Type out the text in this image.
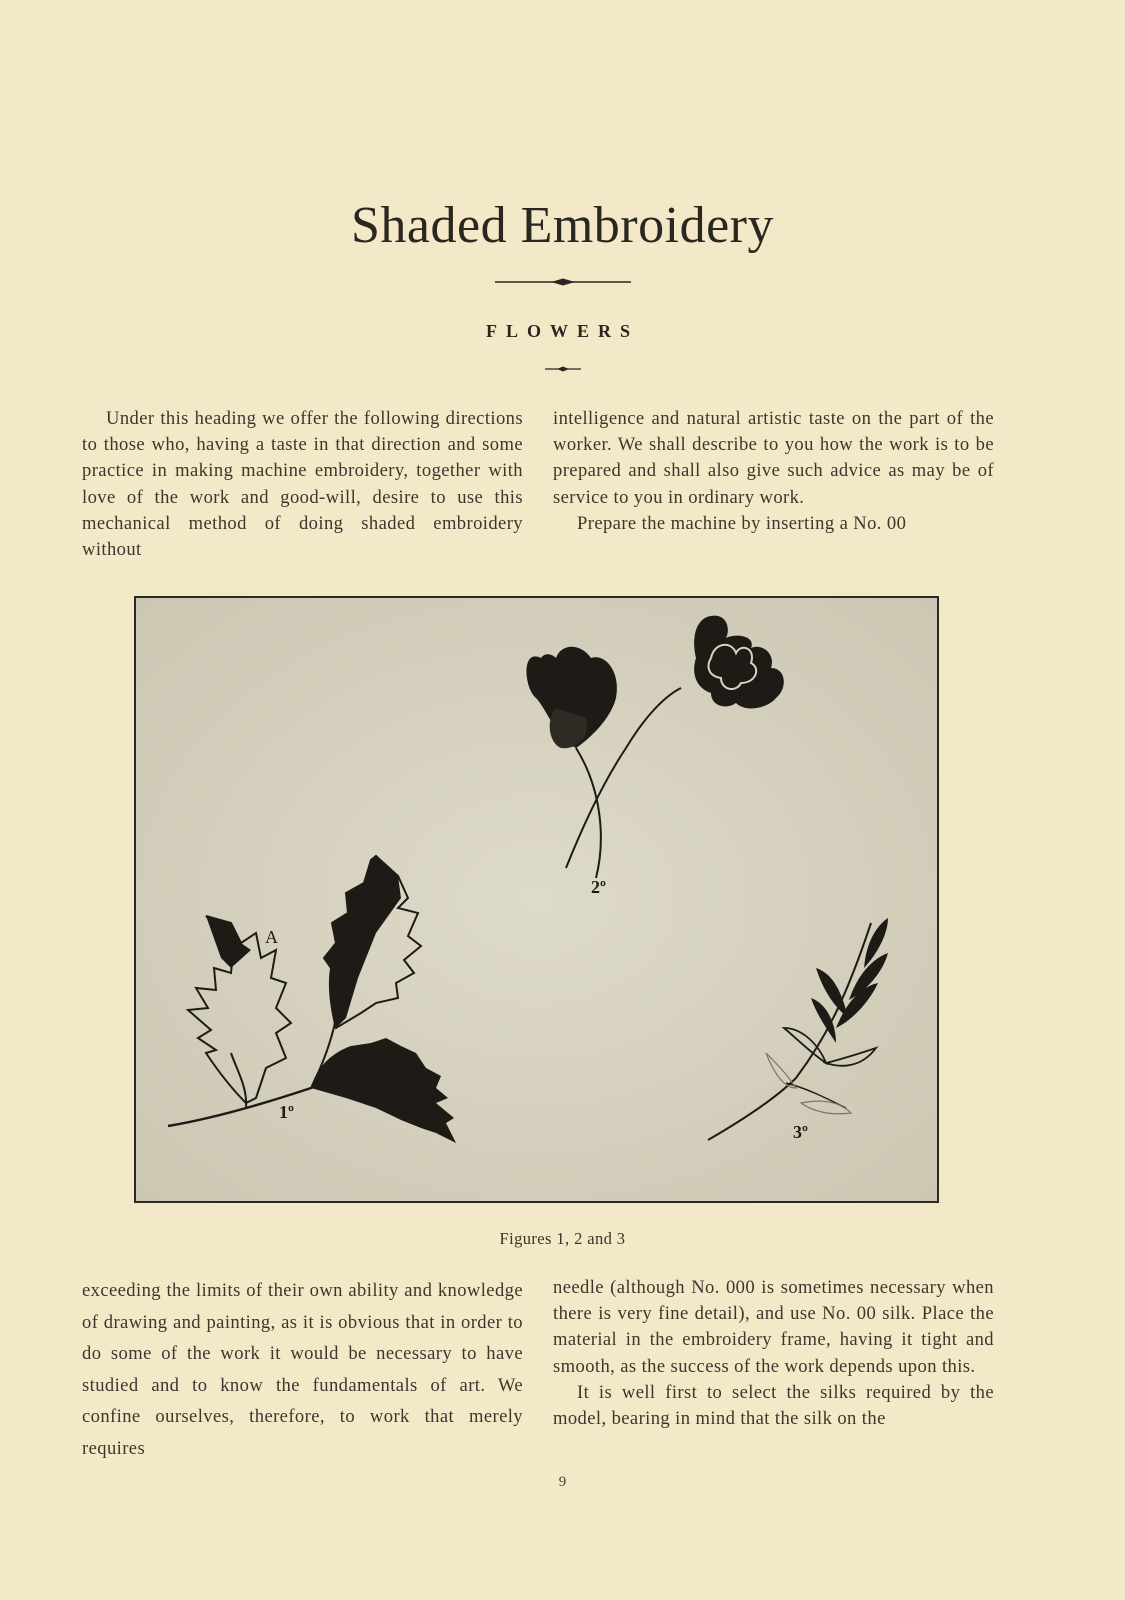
Shaded Embroidery
FLOWERS

Under this heading we offer the following directions to those who, having a taste in that direction and some practice in making machine embroidery, together with love of the work and good-will, desire to use this mechanical method of doing shaded embroidery without

intelligence and natural artistic taste on the part of the worker. We shall describe to you how the work is to be prepared and shall also give such advice as may be of service to you in ordinary work.

Prepare the machine by inserting a No. 00

A
1º
2º
3º
Figures 1, 2 and 3

exceeding the limits of their own ability and knowledge of drawing and painting, as it is obvious that in order to do some of the work it would be necessary to have studied and to know the fundamentals of art. We confine ourselves, therefore, to work that merely requires

needle (although No. 000 is sometimes necessary when there is very fine detail), and use No. 00 silk. Place the material in the embroidery frame, having it tight and smooth, as the success of the work depends upon this.

It is well first to select the silks required by the model, bearing in mind that the silk on the

9
